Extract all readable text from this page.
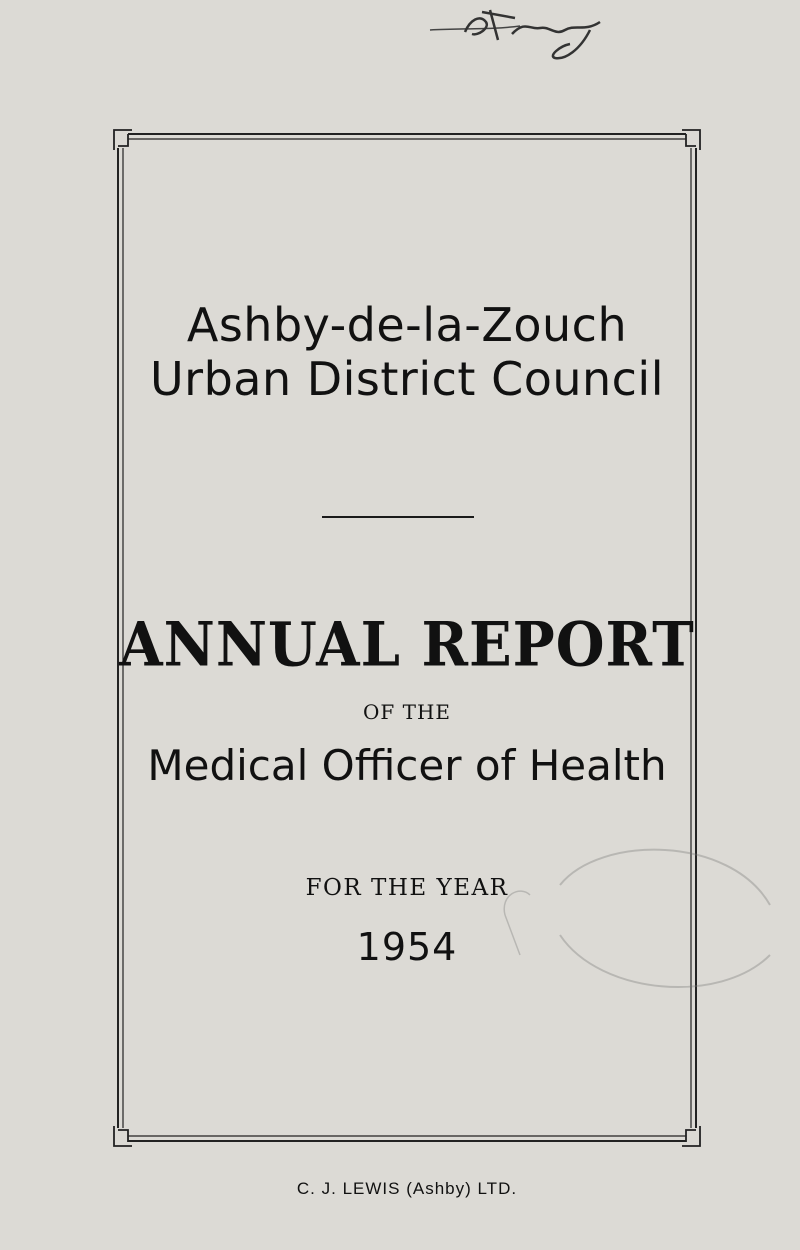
Ashby-de-la-Zouch
Urban District Council
ANNUAL REPORT
OF THE
Medical Officer of Health
FOR THE YEAR
1954
C. J. LEWIS (Ashby) LTD.
